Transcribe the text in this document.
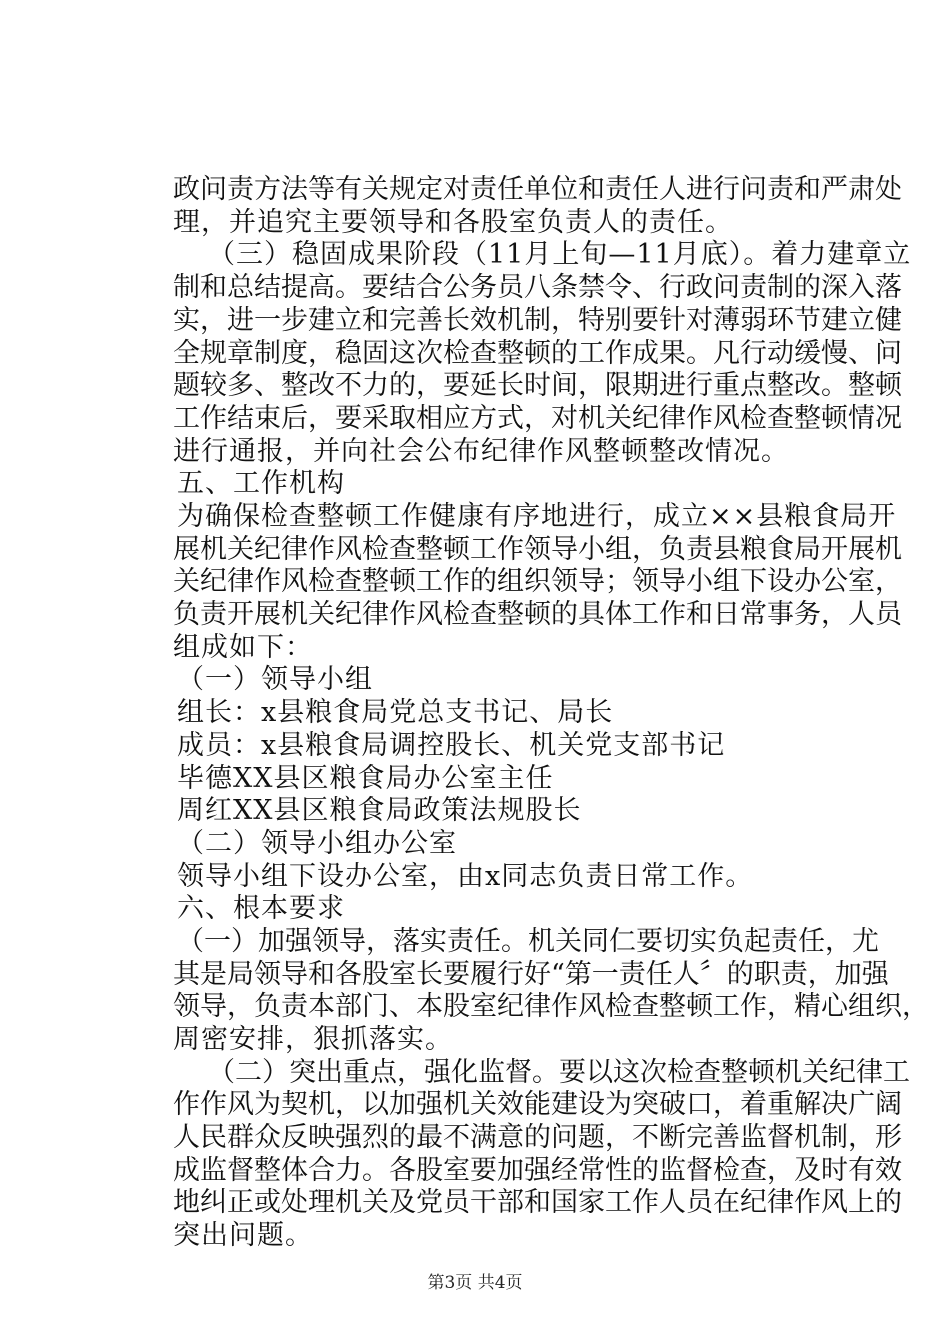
政问责方法等有关规定对责任单位和责任人进行问责和严肃处
理，并追究主要领导和各股室负责人的责任。
（三）稳固成果阶段（11月上旬—11月底）。着力建章立
制和总结提高。要结合公务员八条禁令、行政问责制的深入落
实，进一步建立和完善长效机制，特别要针对薄弱环节建立健
全规章制度，稳固这次检查整顿的工作成果。凡行动缓慢、问
题较多、整改不力的，要延长时间，限期进行重点整改。整顿
工作结束后，要采取相应方式，对机关纪律作风检查整顿情况
进行通报，并向社会公布纪律作风整顿整改情况。
五、工作机构
为确保检查整顿工作健康有序地进行，成立××县粮食局开
展机关纪律作风检查整顿工作领导小组，负责县粮食局开展机
关纪律作风检查整顿工作的组织领导；领导小组下设办公室，
负责开展机关纪律作风检查整顿的具体工作和日常事务，人员
组成如下：
（一）领导小组
组长：x县粮食局党总支书记、局长
成员：x县粮食局调控股长、机关党支部书记
毕德XX县区粮食局办公室主任
周红XX县区粮食局政策法规股长
（二）领导小组办公室
领导小组下设办公室，由x同志负责日常工作。
六、根本要求
（一）加强领导，落实责任。机关同仁要切实负起责任，尤
其是局领导和各股室长要履行好“第一责任人〞的职责，加强
领导，负责本部门、本股室纪律作风检查整顿工作，精心组织，
周密安排，狠抓落实。
（二）突出重点，强化监督。要以这次检查整顿机关纪律工
作作风为契机，以加强机关效能建设为突破口，着重解决广阔
人民群众反映强烈的最不满意的问题，不断完善监督机制，形
成监督整体合力。各股室要加强经常性的监督检查，及时有效
地纠正或处理机关及党员干部和国家工作人员在纪律作风上的
突出问题。
第3页 共4页
